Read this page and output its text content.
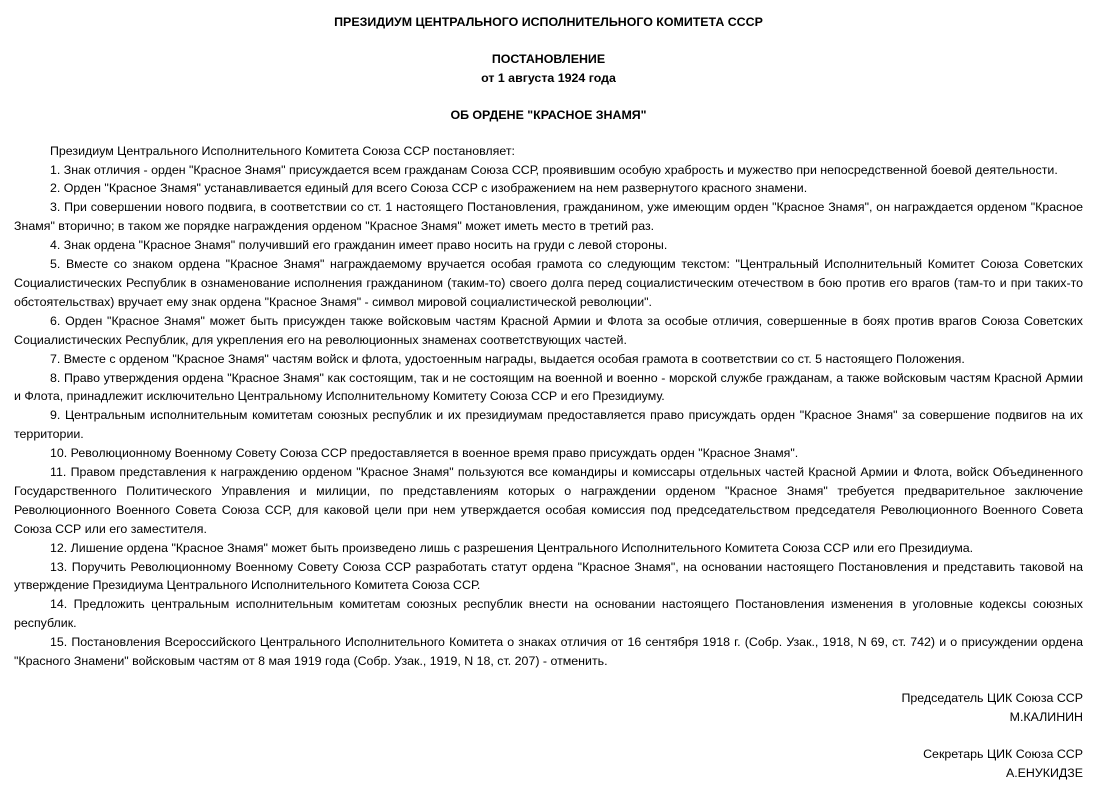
ПРЕЗИДИУМ ЦЕНТРАЛЬНОГО ИСПОЛНИТЕЛЬНОГО КОМИТЕТА СССР

ПОСТАНОВЛЕНИЕ

от 1 августа 1924 года

ОБ ОРДЕНЕ "КРАСНОЕ ЗНАМЯ"

Президиум Центрального Исполнительного Комитета Союза ССР постановляет:

1. Знак отличия - орден "Красное Знамя" присуждается всем гражданам Союза ССР, проявившим особую храбрость и мужество при непосредственной боевой деятельности.

2. Орден "Красное Знамя" устанавливается единый для всего Союза ССР с изображением на нем развернутого красного знамени.

3. При совершении нового подвига, в соответствии со ст. 1 настоящего Постановления, гражданином, уже имеющим орден "Красное Знамя", он награждается орденом "Красное Знамя" вторично; в таком же порядке награждения орденом "Красное Знамя" может иметь место в третий раз.

4. Знак ордена "Красное Знамя" получивший его гражданин имеет право носить на груди с левой стороны.

5. Вместе со знаком ордена "Красное Знамя" награждаемому вручается особая грамота со следующим текстом: "Центральный Исполнительный Комитет Союза Советских Социалистических Республик в ознаменование исполнения гражданином (таким-то) своего долга перед социалистическим отечеством в бою против его врагов (там-то и при таких-то обстоятельствах) вручает ему знак ордена "Красное Знамя" - символ мировой социалистической революции".

6. Орден "Красное Знамя" может быть присужден также войсковым частям Красной Армии и Флота за особые отличия, совершенные в боях против врагов Союза Советских Социалистических Республик, для укрепления его на революционных знаменах соответствующих частей.

7. Вместе с орденом "Красное Знамя" частям войск и флота, удостоенным награды, выдается особая грамота в соответствии со ст. 5 настоящего Положения.

8. Право утверждения ордена "Красное Знамя" как состоящим, так и не состоящим на военной и военно - морской службе гражданам, а также войсковым частям Красной Армии и Флота, принадлежит исключительно Центральному Исполнительному Комитету Союза ССР и его Президиуму.

9. Центральным исполнительным комитетам союзных республик и их президиумам предоставляется право присуждать орден "Красное Знамя" за совершение подвигов на их территории.

10. Революционному Военному Совету Союза ССР предоставляется в военное время право присуждать орден "Красное Знамя".

11. Правом представления к награждению орденом "Красное Знамя" пользуются все командиры и комиссары отдельных частей Красной Армии и Флота, войск Объединенного Государственного Политического Управления и милиции, по представлениям которых о награждении орденом "Красное Знамя" требуется предварительное заключение Революционного Военного Совета Союза ССР, для каковой цели при нем утверждается особая комиссия под председательством председателя Революционного Военного Совета Союза ССР или его заместителя.

12. Лишение ордена "Красное Знамя" может быть произведено лишь с разрешения Центрального Исполнительного Комитета Союза ССР или его Президиума.

13. Поручить Революционному Военному Совету Союза ССР разработать статут ордена "Красное Знамя", на основании настоящего Постановления и представить таковой на утверждение Президиума Центрального Исполнительного Комитета Союза ССР.

14. Предложить центральным исполнительным комитетам союзных республик внести на основании настоящего Постановления изменения в уголовные кодексы союзных республик.

15. Постановления Всероссийского Центрального Исполнительного Комитета о знаках отличия от 16 сентября 1918 г. (Собр. Узак., 1918, N 69, ст. 742) и о присуждении ордена "Красного Знамени" войсковым частям от 8 мая 1919 года (Собр. Узак., 1919, N 18, ст. 207) - отменить.

Председатель ЦИК Союза ССР

М.КАЛИНИН

Секретарь ЦИК Союза ССР

А.ЕНУКИДЗЕ
